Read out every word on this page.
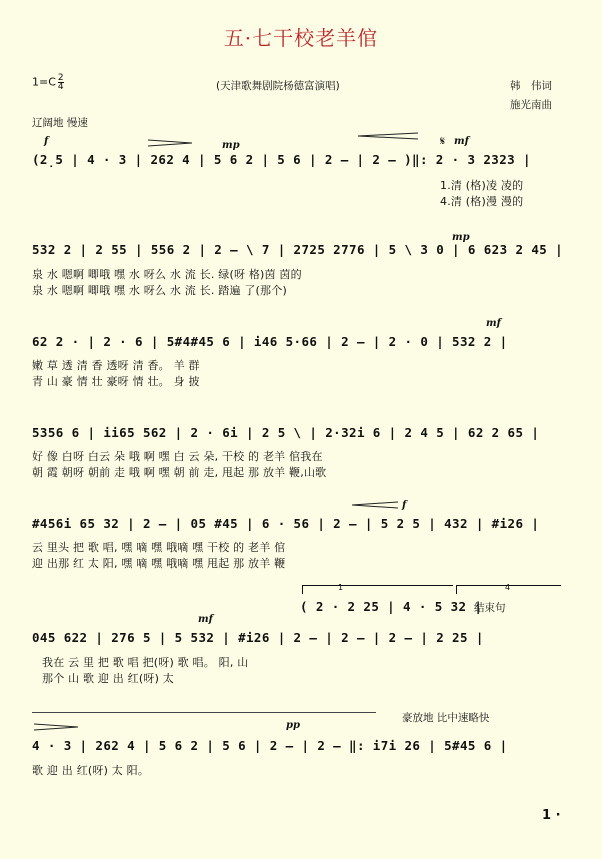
五·七干校老羊倌
$1=C \frac{2}{4}$	(天津歌舞剧院杨德富演唱)	韩　伟词
施光南曲
辽阔地 慢速
f	mp	𝄋 mf
(2̣5 | 4 · 3 | 262 4 | 5 6 2 | 5 6 | 2 – | 2 – )‖: 2 · 3 2323 |
1.清 (格)凌 凌的
4.清 (格)漫 漫的
mp
532 2 | 2 55 | 556 2 | 2 – \ 7 | 2725 2776 | 5 \ 3 0 | 6 623 2 45 |
泉 水 嗯啊 唧哦 嘿 水 呀么 水 流 长. 绿(呀 格)茵 茵的
泉 水 嗯啊 唧哦 嘿 水 呀么 水 流 长. 踏遍 了(那个)
mf
62 2 · | 2 · 6 | 5#4#45 6 | i46 5·66 | 2 – | 2 · 0 | 532 2 |
嫩 草 透 清 香 透呀 清 香。 羊 群
青 山 豪 情 壮 豪呀 情 壮。 身 披
5356 6 | ii65 562 | 2 · 6i | 2 5 \ | 2·32i 6 | 2 4 5 | 62 2 65 |
好 像 白呀 白云 朵 哦 啊 嘿 白 云 朵, 干校 的 老羊 倌我在
朝 霞 朝呀 朝前 走 哦 啊 嘿 朝 前 走, 甩起 那 放羊 鞭,山歌
f
#456i 65 32 | 2 – | 05 #45 | 6 · 56 | 2 – | 5 2 5 | 432 | #i26 |
云 里头 把 歌 唱, 嘿 嘀 嘿 哦嘀 嘿 干校 的 老羊 倌
迎 出那 红 太 阳, 嘿 嘀 嘿 哦嘀 嘿 甩起 那 放羊 鞭
1	4
( 2 · 2 25 | 4 · 5 32 |
结束句
mf
045 622 | 276 5 | 5 532 | #i26 | 2 – | 2 – | 2 – | 2 25 |
我在 云 里 把 歌 唱 把(呀) 歌 唱。 阳, 山
那个 山 歌 迎 出 红(呀) 太
豪放地 比中速略快
pp
4 · 3 | 262 4 | 5 6 2 | 5 6 | 2 – | 2 – ‖: i7i 26 | 5#45 6 |
歌 迎 出 红(呀) 太 阳。
1 ·
